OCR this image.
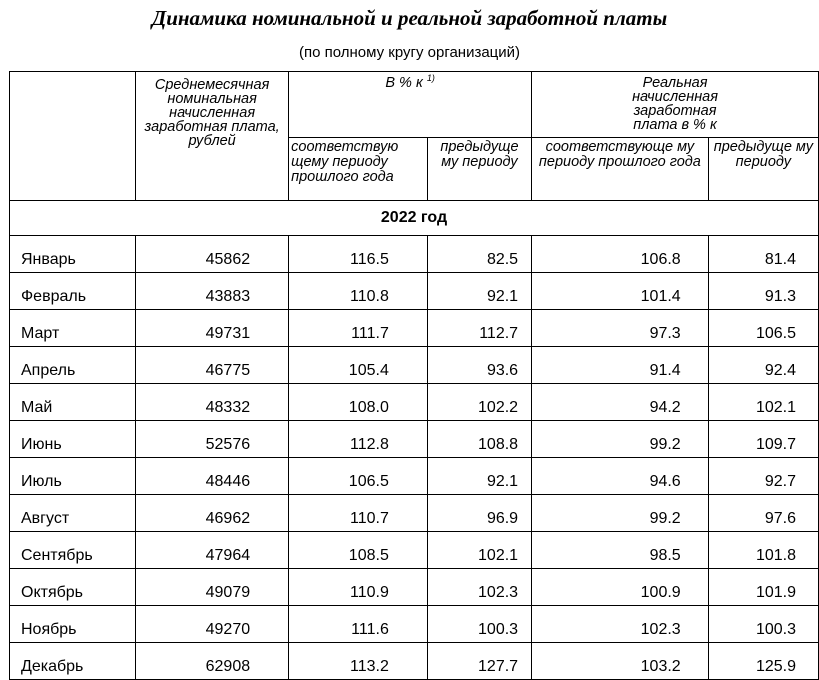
Динамика номинальной и реальной заработной платы
(по полному кругу организаций)

	Среднемесячная номинальная начисленная заработная плата, рублей	В % к $^{1)}$		Реальная начисленная заработная плата в % к	

		соответствую щему периоду прошлого года	предыдуще му периоду	соответствующе му периоду прошлого года	предыдуще му периоду

2022 год					
Январь	45862	116.5	82.5	106.8	81.4
Февраль	43883	110.8	92.1	101.4	91.3
Март	49731	111.7	112.7	97.3	106.5
Апрель	46775	105.4	93.6	91.4	92.4
Май	48332	108.0	102.2	94.2	102.1
Июнь	52576	112.8	108.8	99.2	109.7
Июль	48446	106.5	92.1	94.6	92.7
Август	46962	110.7	96.9	99.2	97.6
Сентябрь	47964	108.5	102.1	98.5	101.8
Октябрь	49079	110.9	102.3	100.9	101.9
Ноябрь	49270	111.6	100.3	102.3	100.3
Декабрь	62908	113.2	127.7	103.2	125.9
